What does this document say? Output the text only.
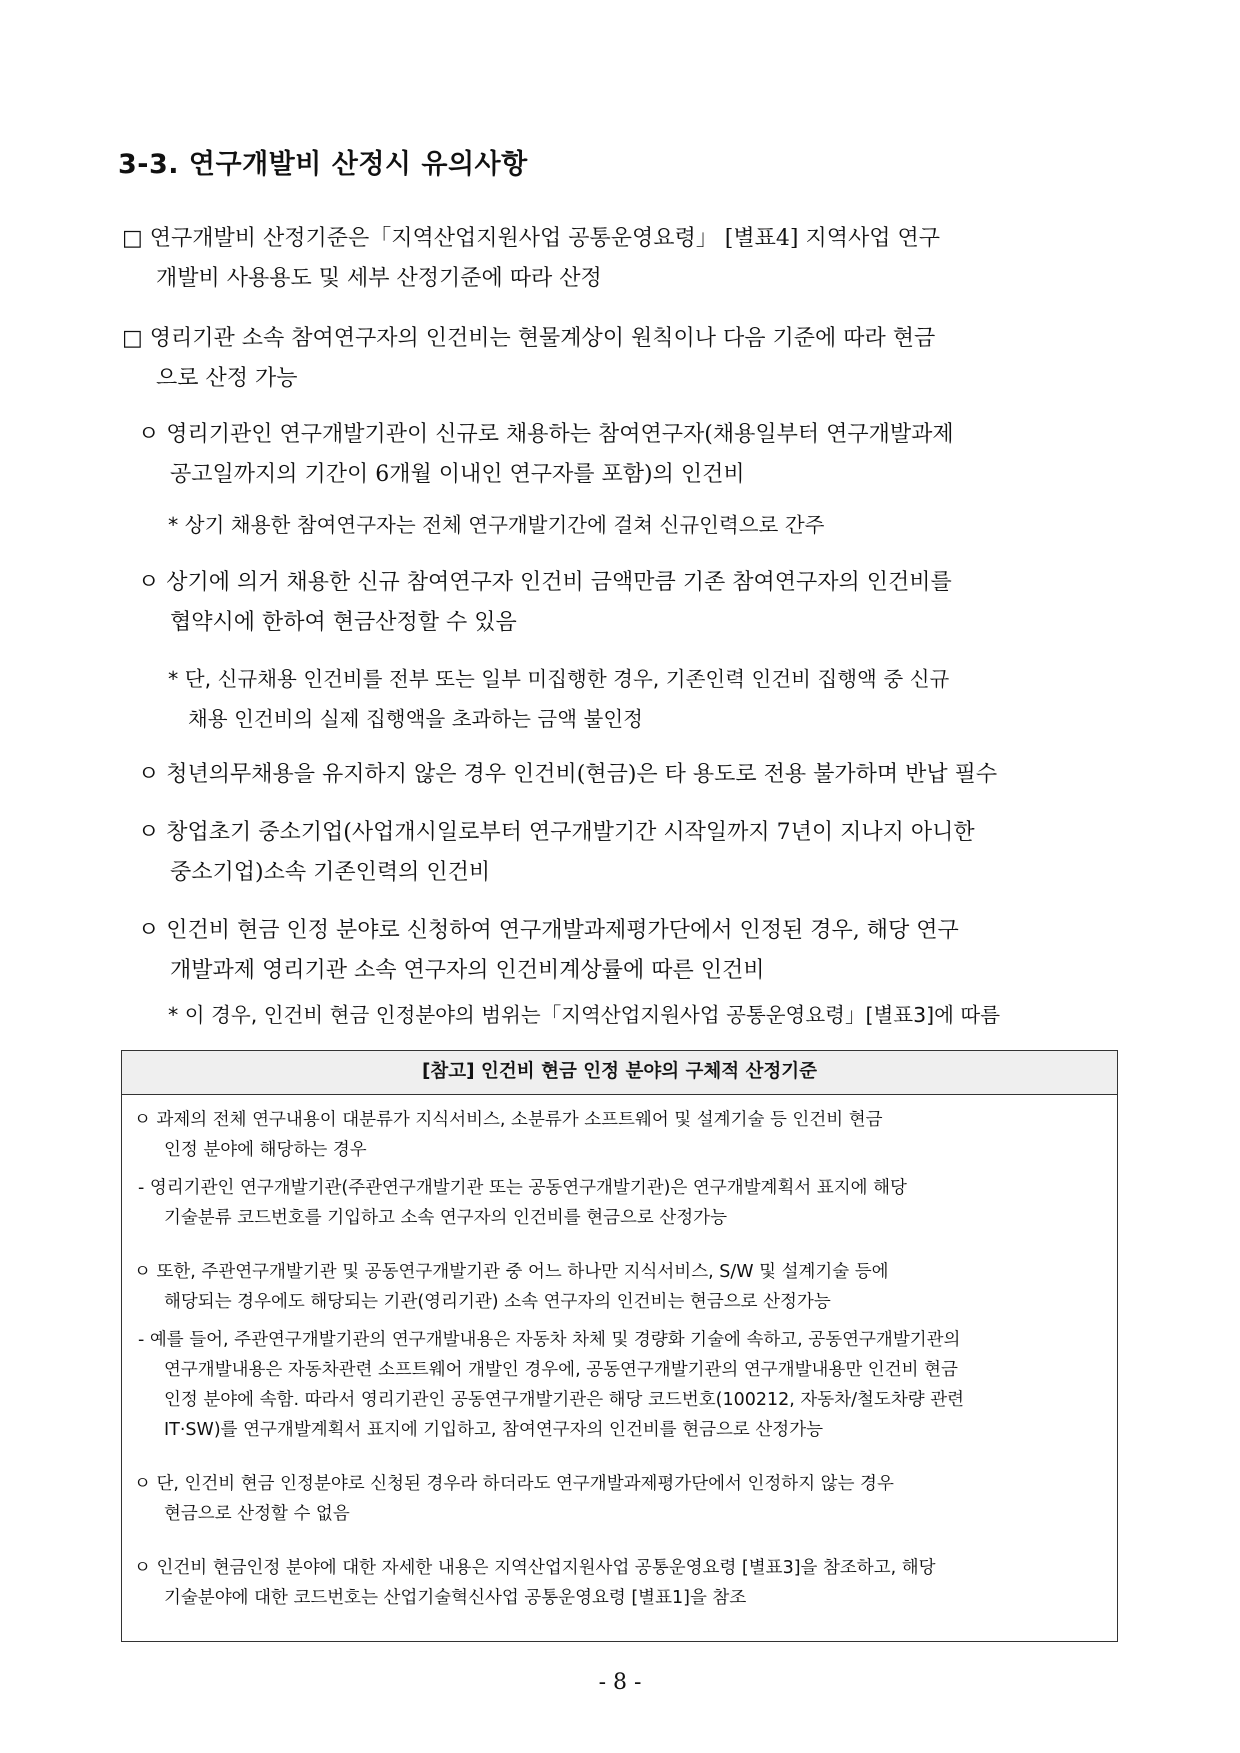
3-3. 연구개발비 산정시 유의사항
□ 연구개발비 산정기준은「지역산업지원사업 공통운영요령」 [별표4] 지역사업 연구
개발비 사용용도 및 세부 산정기준에 따라 산정
□ 영리기관 소속 참여연구자의 인건비는 현물계상이 원칙이나 다음 기준에 따라 현금
으로 산정 가능
ㅇ 영리기관인 연구개발기관이 신규로 채용하는 참여연구자(채용일부터 연구개발과제
공고일까지의 기간이 6개월 이내인 연구자를 포함)의 인건비
* 상기 채용한 참여연구자는 전체 연구개발기간에 걸쳐 신규인력으로 간주
ㅇ 상기에 의거 채용한 신규 참여연구자 인건비 금액만큼 기존 참여연구자의 인건비를
협약시에 한하여 현금산정할 수 있음
* 단, 신규채용 인건비를 전부 또는 일부 미집행한 경우, 기존인력 인건비 집행액 중 신규
채용 인건비의 실제 집행액을 초과하는 금액 불인정
ㅇ 청년의무채용을 유지하지 않은 경우 인건비(현금)은 타 용도로 전용 불가하며 반납 필수
ㅇ 창업초기 중소기업(사업개시일로부터 연구개발기간 시작일까지 7년이 지나지 아니한
중소기업)소속 기존인력의 인건비
ㅇ 인건비 현금 인정 분야로 신청하여 연구개발과제평가단에서 인정된 경우, 해당 연구
개발과제 영리기관 소속 연구자의 인건비계상률에 따른 인건비
* 이 경우, 인건비 현금 인정분야의 범위는「지역산업지원사업 공통운영요령」[별표3]에 따름
[참고] 인건비 현금 인정 분야의 구체적 산정기준
ㅇ 과제의 전체 연구내용이 대분류가 지식서비스, 소분류가 소프트웨어 및 설계기술 등 인건비 현금
인정 분야에 해당하는 경우
- 영리기관인 연구개발기관(주관연구개발기관 또는 공동연구개발기관)은 연구개발계획서 표지에 해당
기술분류 코드번호를 기입하고 소속 연구자의 인건비를 현금으로 산정가능
ㅇ 또한, 주관연구개발기관 및 공동연구개발기관 중 어느 하나만 지식서비스, S/W 및 설계기술 등에
해당되는 경우에도 해당되는 기관(영리기관) 소속 연구자의 인건비는 현금으로 산정가능
- 예를 들어, 주관연구개발기관의 연구개발내용은 자동차 차체 및 경량화 기술에 속하고, 공동연구개발기관의
연구개발내용은 자동차관련 소프트웨어 개발인 경우에, 공동연구개발기관의 연구개발내용만 인건비 현금
인정 분야에 속함. 따라서 영리기관인 공동연구개발기관은 해당 코드번호(100212, 자동차/철도차량 관련
IT·SW)를 연구개발계획서 표지에 기입하고, 참여연구자의 인건비를 현금으로 산정가능
ㅇ 단, 인건비 현금 인정분야로 신청된 경우라 하더라도 연구개발과제평가단에서 인정하지 않는 경우
현금으로 산정할 수 없음
ㅇ 인건비 현금인정 분야에 대한 자세한 내용은 지역산업지원사업 공통운영요령 [별표3]을 참조하고, 해당
기술분야에 대한 코드번호는 산업기술혁신사업 공통운영요령 [별표1]을 참조
- 8 -
